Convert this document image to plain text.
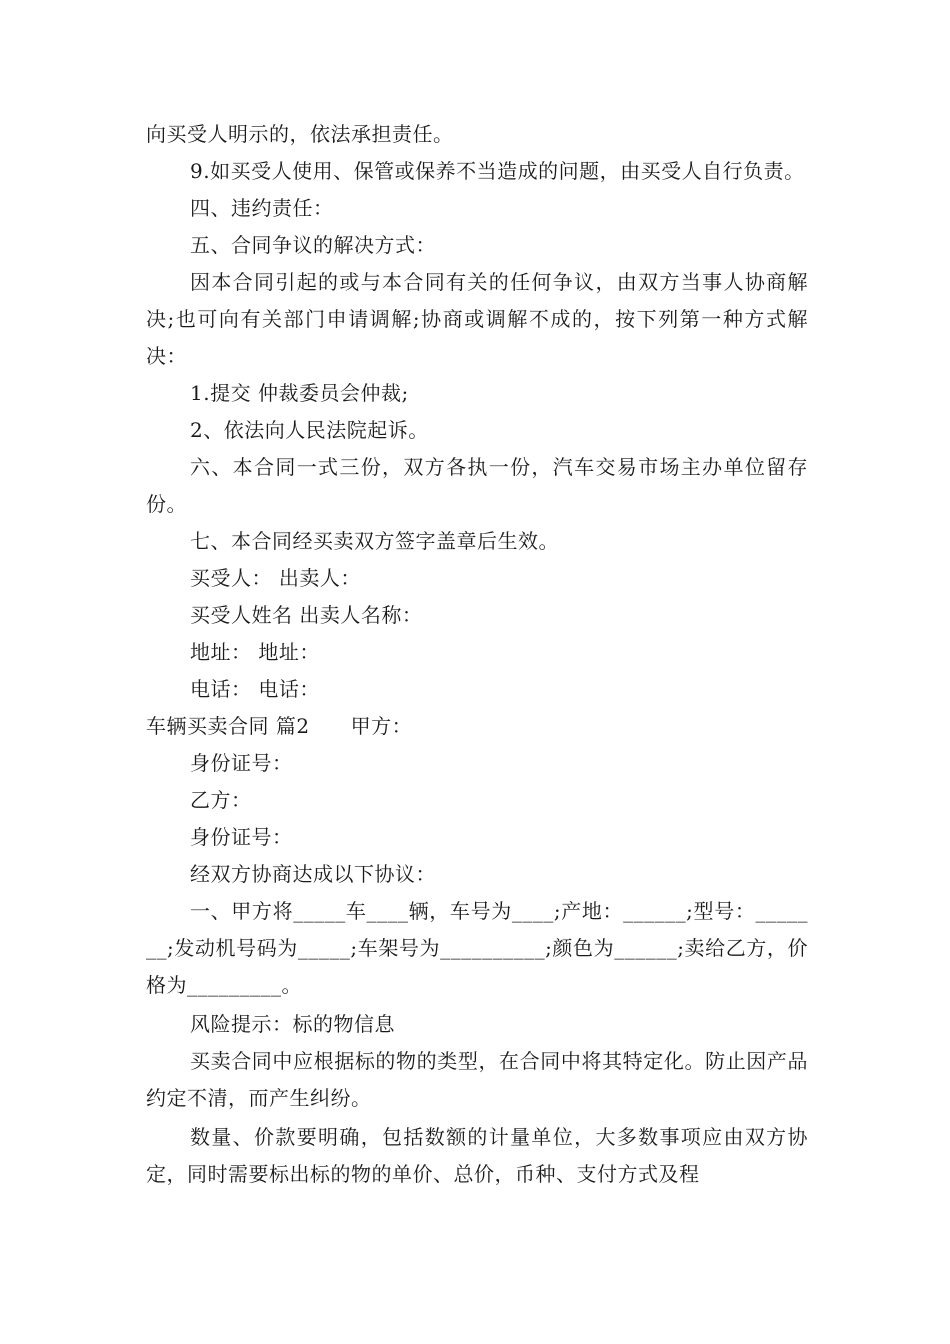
向买受人明示的，依法承担责任。

9.如买受人使用、保管或保养不当造成的问题，由买受人自行负责。

四、违约责任：

五、合同争议的解决方式：

因本合同引起的或与本合同有关的任何争议，由双方当事人协商解决;也可向有关部门申请调解;协商或调解不成的，按下列第一种方式解决：

1.提交 仲裁委员会仲裁;

2、依法向人民法院起诉。

六、本合同一式三份，双方各执一份，汽车交易市场主办单位留存 份。

七、本合同经买卖双方签字盖章后生效。

买受人： 出卖人：

买受人姓名 出卖人名称：

地址： 地址：

电话： 电话：

车辆买卖合同 篇2　　甲方：

身份证号：

乙方：

身份证号：

经双方协商达成以下协议：

一、甲方将_____车____辆，车号为____;产地：______;型号：_______;发动机号码为_____;车架号为__________;颜色为______;卖给乙方，价格为_________。

风险提示：标的物信息

买卖合同中应根据标的物的类型，在合同中将其特定化。防止因产品约定不清，而产生纠纷。

数量、价款要明确，包括数额的计量单位，大多数事项应由双方协定，同时需要标出标的物的单价、总价，币种、支付方式及程
